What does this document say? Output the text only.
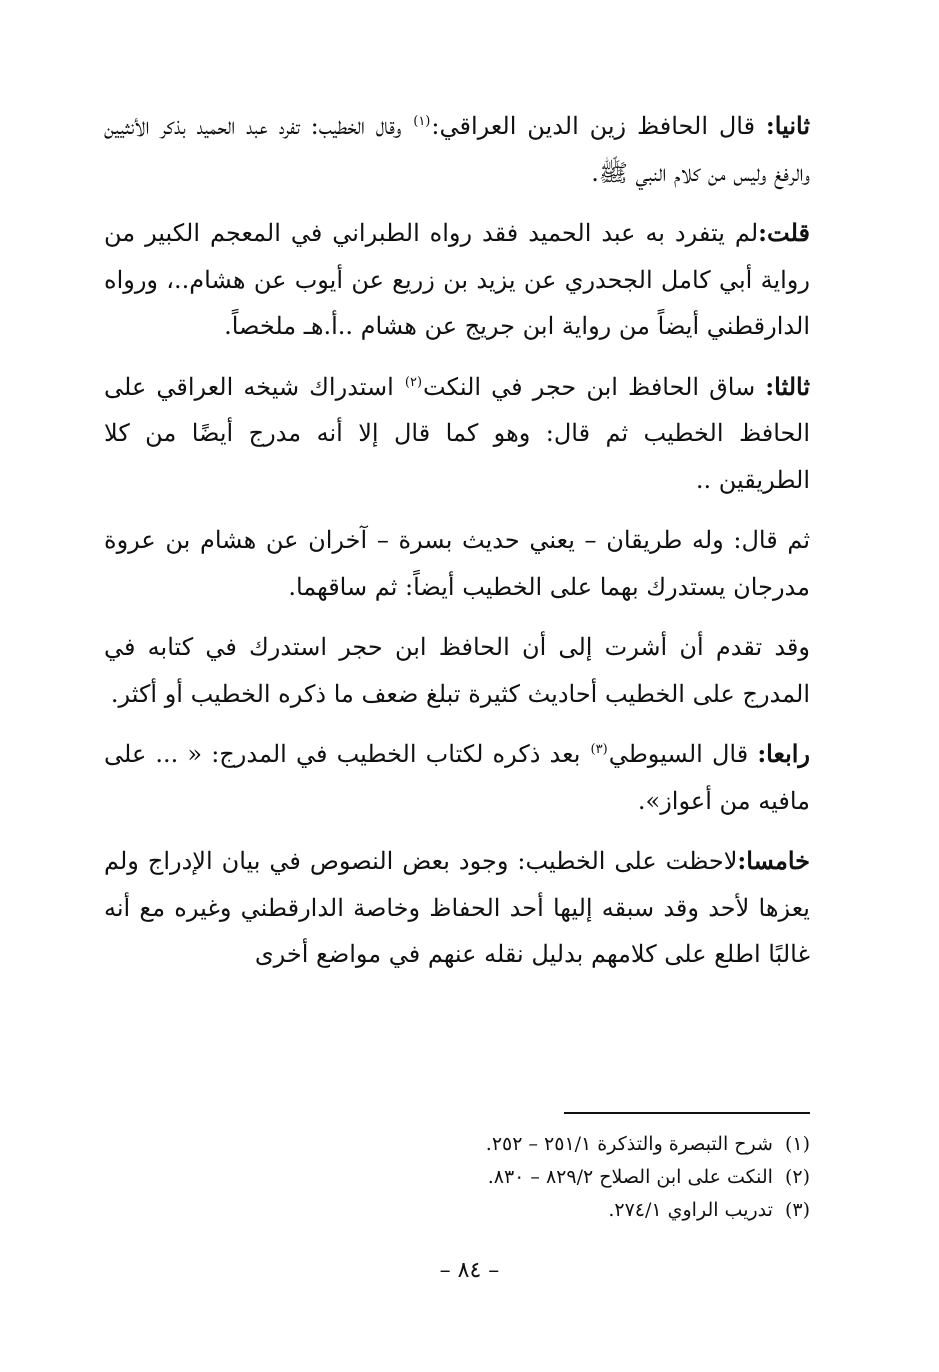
ثانيا: قال الحافظ زين الدين العراقي:$^{(١)}$ وقال الخطيب: تفرد عبد الحميد بذكر الأنثيين والرفغ وليس من كلام النبي ﷺ.

قلت:لم يتفرد به عبد الحميد فقد رواه الطبراني في المعجم الكبير من رواية أبي كامل الجحدري عن يزيد بن زريع عن أيوب عن هشام..، ورواه الدارقطني أيضاً من رواية ابن جريج عن هشام ..أ.هـ ملخصاً.

ثالثا: ساق الحافظ ابن حجر في النكت$^{(٢)}$ استدراك شيخه العراقي على الحافظ الخطيب ثم قال: وهو كما قال إلا أنه مدرج أيضًا من كلا الطريقين ..

ثم قال: وله طريقان – يعني حديث بسرة – آخران عن هشام بن عروة مدرجان يستدرك بهما على الخطيب أيضاً: ثم ساقهما.

وقد تقدم أن أشرت إلى أن الحافظ ابن حجر استدرك في كتابه في المدرج على الخطيب أحاديث كثيرة تبلغ ضعف ما ذكره الخطيب أو أكثر.

رابعا: قال السيوطي$^{(٣)}$ بعد ذكره لكتاب الخطيب في المدرج: « ... على مافيه من أعواز».

خامسا:لاحظت على الخطيب: وجود بعض النصوص في بيان الإدراج ولم يعزها لأحد وقد سبقه إليها أحد الحفاظ وخاصة الدارقطني وغيره مع أنه غالبًا اطلع على كلامهم بدليل نقله عنهم في مواضع أخرى

(١)شرح التبصرة والتذكرة ٢٥١/١ – ٢٥٢.

(٢)النكت على ابن الصلاح ٨٢٩/٢ – ٨٣٠.

(٣)تدريب الراوي ٢٧٤/١.

– ٨٤ –
